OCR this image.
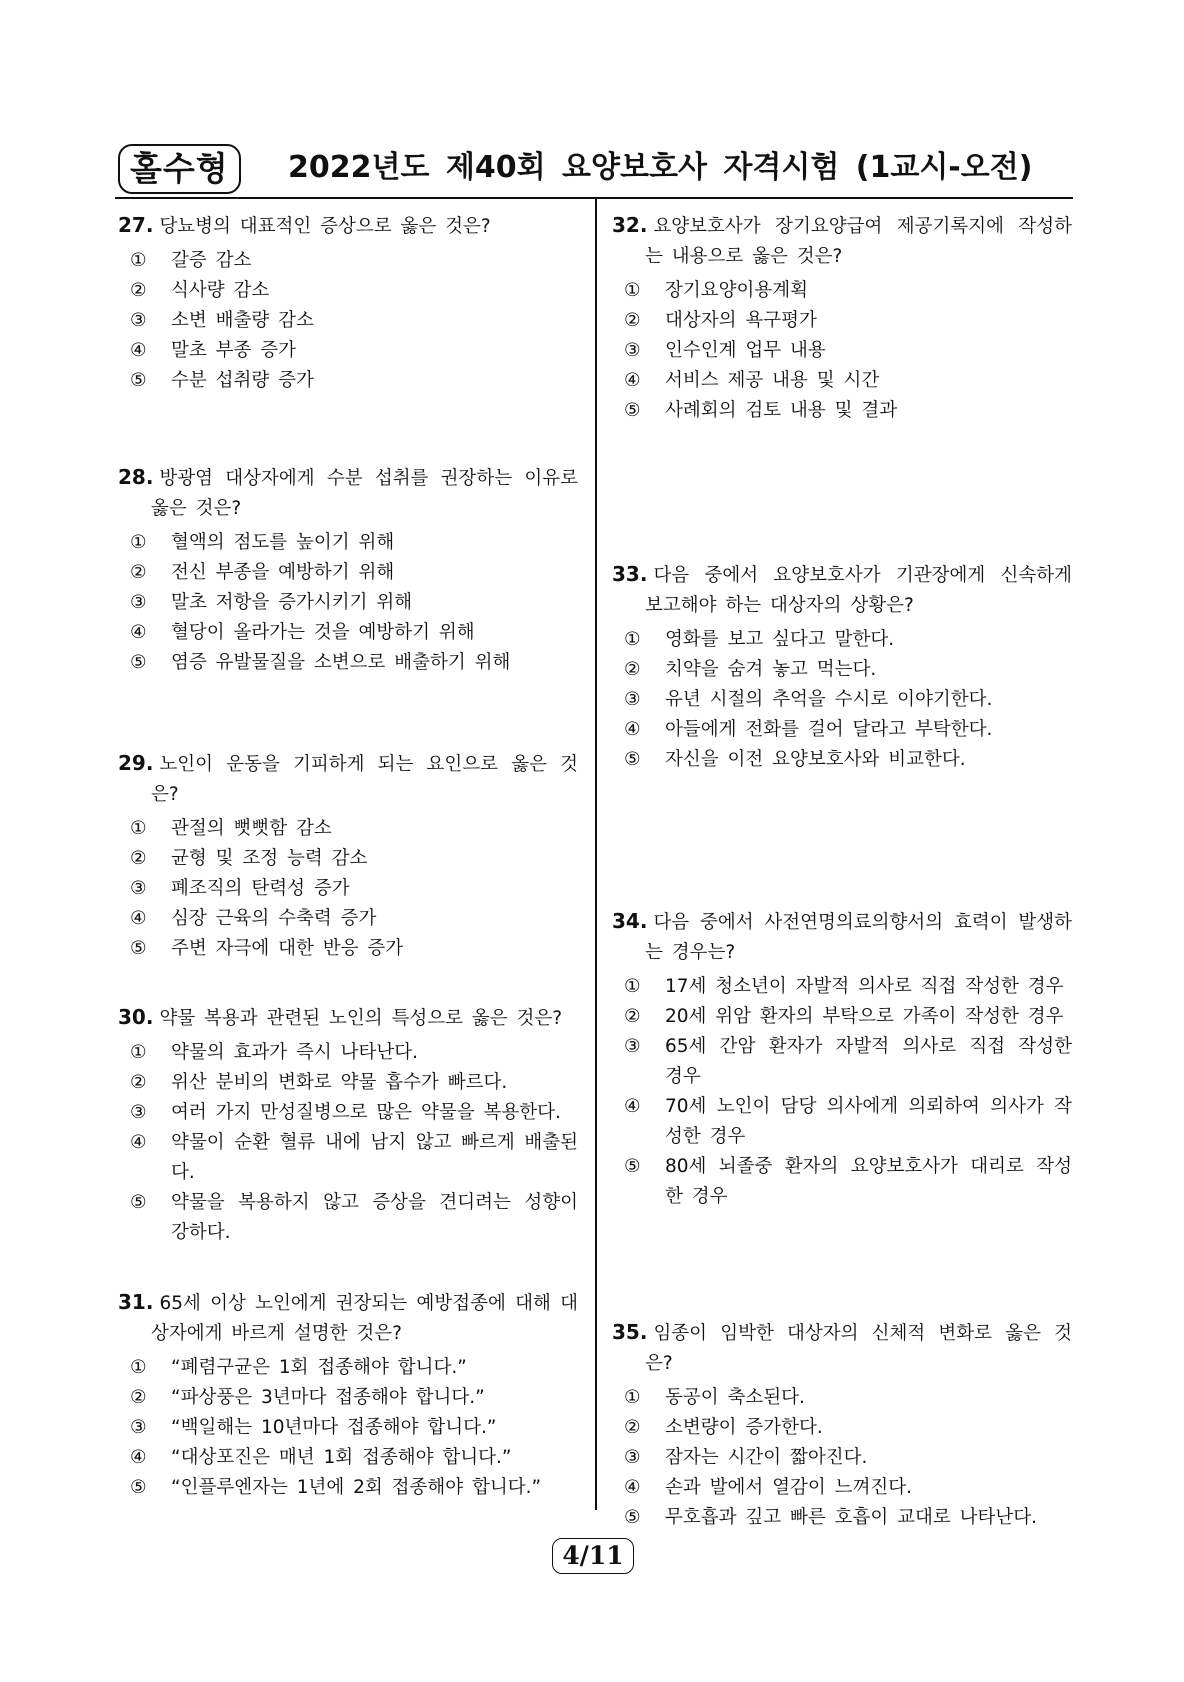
홀수형	2022년도 제40회 요양보호사 자격시험 (1교시-오전)

27. 당뇨병의 대표적인 증상으로 옳은 것은?

① 갈증 감소
② 식사량 감소
③ 소변 배출량 감소
④ 말초 부종 증가
⑤ 수분 섭취량 증가

28. 방광염 대상자에게 수분 섭취를 권장하는 이유로 옳은 것은?

① 혈액의 점도를 높이기 위해
② 전신 부종을 예방하기 위해
③ 말초 저항을 증가시키기 위해
④ 혈당이 올라가는 것을 예방하기 위해
⑤ 염증 유발물질을 소변으로 배출하기 위해

29. 노인이 운동을 기피하게 되는 요인으로 옳은 것은?

① 관절의 뻣뻣함 감소
② 균형 및 조정 능력 감소
③ 폐조직의 탄력성 증가
④ 심장 근육의 수축력 증가
⑤ 주변 자극에 대한 반응 증가

30. 약물 복용과 관련된 노인의 특성으로 옳은 것은?

① 약물의 효과가 즉시 나타난다.
② 위산 분비의 변화로 약물 흡수가 빠르다.
③ 여러 가지 만성질병으로 많은 약물을 복용한다.
④ 약물이 순환 혈류 내에 남지 않고 빠르게 배출된다.
⑤ 약물을 복용하지 않고 증상을 견디려는 성향이 강하다.

31. 65세 이상 노인에게 권장되는 예방접종에 대해 대상자에게 바르게 설명한 것은?

① “폐렴구균은 1회 접종해야 합니다.”
② “파상풍은 3년마다 접종해야 합니다.”
③ “백일해는 10년마다 접종해야 합니다.”
④ “대상포진은 매년 1회 접종해야 합니다.”
⑤ “인플루엔자는 1년에 2회 접종해야 합니다.”

32. 요양보호사가 장기요양급여 제공기록지에 작성하는 내용으로 옳은 것은?

① 장기요양이용계획
② 대상자의 욕구평가
③ 인수인계 업무 내용
④ 서비스 제공 내용 및 시간
⑤ 사례회의 검토 내용 및 결과

33. 다음 중에서 요양보호사가 기관장에게 신속하게 보고해야 하는 대상자의 상황은?

① 영화를 보고 싶다고 말한다.
② 치약을 숨겨 놓고 먹는다.
③ 유년 시절의 추억을 수시로 이야기한다.
④ 아들에게 전화를 걸어 달라고 부탁한다.
⑤ 자신을 이전 요양보호사와 비교한다.

34. 다음 중에서 사전연명의료의향서의 효력이 발생하는 경우는?

① 17세 청소년이 자발적 의사로 직접 작성한 경우
② 20세 위암 환자의 부탁으로 가족이 작성한 경우
③ 65세 간암 환자가 자발적 의사로 직접 작성한 경우
④ 70세 노인이 담당 의사에게 의뢰하여 의사가 작성한 경우
⑤ 80세 뇌졸중 환자의 요양보호사가 대리로 작성한 경우

35. 임종이 임박한 대상자의 신체적 변화로 옳은 것은?

① 동공이 축소된다.
② 소변량이 증가한다.
③ 잠자는 시간이 짧아진다.
④ 손과 발에서 열감이 느껴진다.
⑤ 무호흡과 깊고 빠른 호흡이 교대로 나타난다.
4/11
